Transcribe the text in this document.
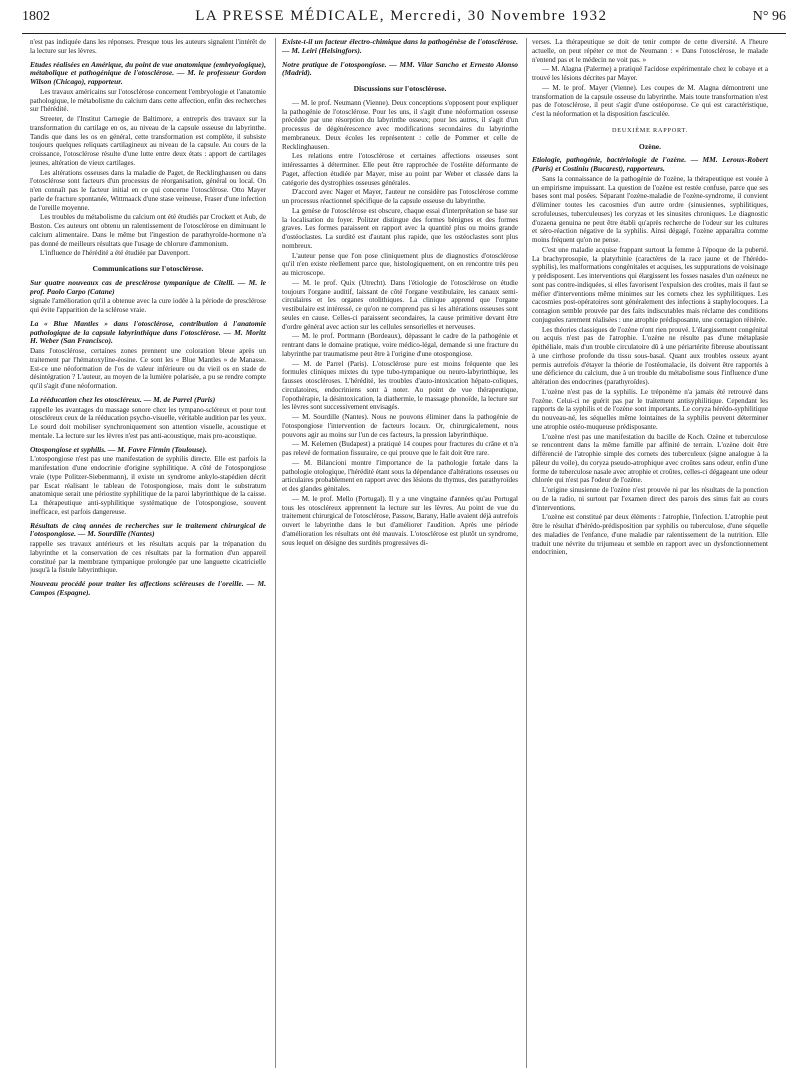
1802	LA PRESSE MÉDICALE, Mercredi, 30 Novembre 1932	N° 96

n'est pas indiquée dans les réponses. Presque tous les auteurs signalent l'intérêt de la lecture sur les lèvres.

Etudes réalisées en Amérique, du point de vue anatomique (embryologique), métabolique et pathogénique de l'otosclérose. — M. le professeur Gordon Wilson (Chicago), rapporteur.

Les travaux américains sur l'otosclérose concernent l'embryologie et l'anatomie pathologique, le métabolisme du calcium dans cette affection, enfin des recherches sur l'hérédité.

Streeter, de l'Institut Carnegie de Baltimore, a entrepris des travaux sur la transformation du cartilage en os, au niveau de la capsule osseuse du labyrinthe. Tandis que dans les os en général, cette transformation est complète, il subsiste toujours quelques reliquats cartilagineux au niveau de la capsule. Au cours de la croissance, l'otosclérose résulte d'une lutte entre deux états : apport de cartilages jeunes, altération de vieux cartilages.

Les altérations osseuses dans la maladie de Paget, de Recklinghausen ou dans l'otosclérose sont facteurs d'un processus de réorganisation, général ou local. On n'en connaît pas le facteur initial en ce qui concerne l'otosclérose. Otto Mayer parle de fracture spontanée, Wittmaack d'une stase veineuse, Fraser d'une infection de l'oreille moyenne.

Les troubles du métabolisme du calcium ont été étudiés par Crockett et Aub, de Boston. Ces auteurs ont obtenu un ralentissement de l'otosclérose en diminuant le calcium alimentaire. Dans le même but l'ingestion de parathyroïde-hormone n'a pas donné de meilleurs résultats que l'usage de chlorure d'ammonium.

L'influence de l'hérédité a été étudiée par Davenport.

Communications sur l'otosclérose.

Sur quatre nouveaux cas de presclérose tympanique de Citelli. — M. le prof. Paolo Carpo (Catane)

signale l'amélioration qu'il a obtenue avec la cure iodée à la période de presclérose qui évite l'apparition de la sclérose vraie.

La « Blue Mantles » dans l'otosclérose, contribution à l'anatomie pathologique de la capsule labyrinthique dans l'otosclérose. — M. Moritz H. Weber (San Francisco).

Dans l'otosclérose, certaines zones prennent une coloration bleue après un traitement par l'hématoxyline-éosine. Ce sont les « Blue Mantles » de Manasse. Est-ce une néoformation de l'os de valeur inférieure ou du vieil os en stade de désintégration ? L'auteur, au moyen de la lumière polarisée, a pu se rendre compte qu'il s'agit d'une néoformation.

La rééducation chez les otoscléreux. — M. de Parrel (Paris)

rappelle les avantages du massage sonore chez les tympano-scléreux et pour tout otoscléreux ceux de la rééducation psycho-visuelle, véritable audition par les yeux. Le sourd doit mobiliser synchroniquement son attention visuelle, acoustique et mentale. La lecture sur les lèvres n'est pas anti-acoustique, mais pro-acoustique.

Otospongiose et syphilis. — M. Favre Firmin (Toulouse).

L'otospongiose n'est pas une manifestation de syphilis directe. Elle est parfois la manifestation d'une endocrinie d'origine syphilitique. A côté de l'otospongiose vraie (type Politzer-Siebenmann), il existe un syndrome ankylo-stapédien décrit par Escat réalisant le tableau de l'otospongiose, mais dont le substratum anatomique serait une périostite syphilitique de la paroi labyrinthique de la caisse. La thérapeutique anti-syphilitique systématique de l'otospongiose, souvent inefficace, est parfois dangereuse.

Résultats de cinq années de recherches sur le traitement chirurgical de l'otospongiose. — M. Sourdille (Nantes)

rappelle ses travaux antérieurs et les résultats acquis par la trépanation du labyrinthe et la conservation de ces résultats par la formation d'un appareil constitué par la membrane tympanique prolongée par une languette cicatricielle jusqu'à la fistule labyrinthique.

Nouveau procédé pour traiter les affections scléreuses de l'oreille. — M. Campos (Espagne).

Existe-t-il un facteur électro-chimique dans la pathogénèse de l'otosclérose. — M. Leiri (Helsingfors).

Notre pratique de l'otospongiose. — MM. Vilar Sancho et Ernesto Alonso (Madrid).

Discussions sur l'otosclérose.

— M. le prof. Neumann (Vienne). Deux conceptions s'opposent pour expliquer la pathogénie de l'otosclérose. Pour les uns, il s'agit d'une néoformation osseuse précédée par une résorption du labyrinthe osseux; pour les autres, il s'agit d'un processus de dégénérescence avec modifications secondaires du labyrinthe membraneux. Deux écoles les représentent : celle de Pommer et celle de Recklinghausen.

Les relations entre l'otosclérose et certaines affections osseuses sont intéressantes à déterminer. Elle peut être rapprochée de l'ostéite déformante de Paget, affection étudiée par Mayer, mise au point par Weber et classée dans la catégorie des dystrophies osseuses générales.

D'accord avec Nager et Mayer, l'auteur ne considère pas l'otosclérose comme un processus réactionnel spécifique de la capsule osseuse du labyrinthe.

La genèse de l'otosclérose est obscure, chaque essai d'interprétation se base sur la localisation du foyer. Politzer distingue des formes bénignes et des formes graves. Les formes paraissent en rapport avec la quantité plus ou moins grande d'ostéoclastes. La surdité est d'autant plus rapide, que les ostéoclastes sont plus nombreux.

L'auteur pense que l'on pose cliniquement plus de diagnostics d'otosclérose qu'il n'en existe réellement parce que, histologiquement, on en rencontre très peu au microscope.

— M. le prof. Quix (Utrecht). Dans l'étiologie de l'otosclérose on étudie toujours l'organe auditif, laissant de côté l'organe vestibulaire, les canaux semi-circulaires et les organes otolithiques. La clinique apprend que l'organe vestibulaire est intéressé, ce qu'on ne comprend pas si les altérations osseuses sont seules en cause. Celles-ci paraissent secondaires, la cause primitive devant être d'ordre général avec action sur les cellules sensorielles et nerveuses.

— M. le prof. Portmann (Bordeaux), dépassant le cadre de la pathogénie et rentrant dans le domaine pratique, voire médico-légal, demande si une fracture du labyrinthe par traumatisme peut être à l'origine d'une otospongiose.

— M. de Parrel (Paris). L'otosclérose pure est moins fréquente que les formules cliniques mixtes du type tubo-tympanique ou neuro-labyrinthique, les fausses otoscléroses. L'hérédité, les troubles d'auto-intoxication hépato-coliques, circulatoires, endocriniens sont à noter. Au point de vue thérapeutique, l'opothérapie, la désintoxication, la diathermie, le massage phonoïde, la lecture sur les lèvres sont successivement envisagés.

— M. Sourdille (Nantes). Nous ne pouvons éliminer dans la pathogénie de l'otospongiose l'intervention de facteurs locaux. Or, chirurgicalement, nous pouvons agir au moins sur l'un de ces facteurs, la pression labyrinthique.

— M. Kelemen (Budapest) a pratiqué 14 coupes pour fractures du crâne et n'a pas relevé de formation fissuraire, ce qui prouve que le fait doit être rare.

— M. Bilancioni montre l'importance de la pathologie fœtale dans la pathologie otologique, l'hérédité étant sous la dépendance d'altérations osseuses ou articulaires probablement en rapport avec des lésions du thymus, des parathyroïdes et des glandes génitales.

— M. le prof. Mello (Portugal). Il y a une vingtaine d'années qu'au Portugal tous les otoscléreux apprennent la lecture sur les lèvres. Au point de vue du traitement chirurgical de l'otosclérose, Passow, Barany, Halle avaient déjà autrefois ouvert le labyrinthe dans le but d'améliorer l'audition. Après une période d'amélioration les résultats ont été mauvais. L'otosclérose est plutôt un syndrome, sous lequel on désigne des surdités progressives di-

verses. La thérapeutique se doit de tenir compte de cette diversité. A l'heure actuelle, on peut répéter ce mot de Neumann : « Dans l'otosclérose, le malade n'entend pas et le médecin ne voit pas. »

— M. Alagna (Palerme) a pratiqué l'acidose expérimentale chez le cobaye et a trouvé les lésions décrites par Mayer.

— M. le prof. Mayer (Vienne). Les coupes de M. Alagna démontrent une transformation de la capsule osseuse du labyrinthe. Mais toute transformation n'est pas de l'otosclérose, il peut s'agir d'une ostéoporose. Ce qui est caractéristique, c'est la néoformation et la disposition fasciculée.

DEUXIÈME RAPPORT.

Ozène.

Etiologie, pathogénie, bactériologie de l'ozène. — MM. Leroux-Robert (Paris) et Costiniu (Bucarest), rapporteurs.

Sans la connaissance de la pathogénie de l'ozène, la thérapeutique est vouée à un empirisme impuissant. La question de l'ozène est restée confuse, parce que ses bases sont mal posées. Séparant l'ozène-maladie de l'ozène-syndrome, il convient d'éliminer toutes les cacosmies d'un autre ordre (sinusiennes, syphilitiques, scrofuleuses, tuberculeuses) les coryzas et les sinusites chroniques. Le diagnostic d'ozaena genuina ne peut être établi qu'après recherche de l'odeur sur les cultures et séro-réaction négative de la syphilis. Ainsi dégagé, l'ozène apparaîtra comme moins fréquent qu'on ne pense.

C'est une maladie acquise frappant surtout la femme à l'époque de la puberté. La brachyprosopie, la platyrhinie (caractères de la race jaune et de l'hérédo-syphilis), les malformations congénitales et acquises, les suppurations de voisinage y prédisposent. Les interventions qui élargissent les fosses nasales d'un ozéneux ne sont pas contre-indiquées, si elles favorisent l'expulsion des croûtes, mais il faut se méfier d'interventions même minimes sur les cornets chez les syphilitiques. Les cacosmies post-opératoires sont généralement des infections à staphylocoques. La contagion semble prouvée par des faits indiscutables mais réclame des conditions conjuguées rarement réalisées : une atrophie prédisposante, une contagion réitérée.

Les théories classiques de l'ozène n'ont rien prouvé. L'élargissement congénital ou acquis n'est pas de l'atrophie. L'ozène ne résulte pas d'une métaplasie épithéliale, mais d'un trouble circulatoire dû à une périartérite fibreuse aboutissant à une cirrhose profonde du tissu sous-basal. Quant aux troubles osseux ayant permis autrefois d'étayer la théorie de l'ostéomalacie, ils doivent être rapportés à une déficience du calcium, due à un trouble du métabolisme sous l'influence d'une altération des endocrines (parathyroïdes).

L'ozène n'est pas de la syphilis. Le tréponème n'a jamais été retrouvé dans l'ozène. Celui-ci ne guérit pas par le traitement antisyphilitique. Cependant les rapports de la syphilis et de l'ozène sont importants. Le coryza hérédo-syphilitique du nouveau-né, les séquelles même lointaines de la syphilis peuvent déterminer une atrophie ostéo-muqueuse prédisposante.

L'ozène n'est pas une manifestation du bacille de Koch. Ozène et tuberculose se rencontrent dans la même famille par affinité de terrain. L'ozène doit être différencié de l'atrophie simple des cornets des tuberculeux (signe analogue à la pâleur du voile), du coryza pseudo-atrophique avec croûtes sans odeur, enfin d'une forme de tuberculose nasale avec atrophie et croûtes, celles-ci dégageant une odeur chlorée qui n'est pas l'odeur de l'ozène.

L'origine sinusienne de l'ozène n'est prouvée ni par les résultats de la ponction ou de la radio, ni surtout par l'examen direct des parois des sinus fait au cours d'interventions.

L'ozène est constitué par deux éléments : l'atrophie, l'infection. L'atrophie peut être le résultat d'hérédo-prédisposition par syphilis ou tuberculose, d'une séquelle des maladies de l'enfance, d'une maladie par ralentissement de la nutrition. Elle traduit une névrite du trijumeau et semble en rapport avec un dysfonctionnement endocrinien,
